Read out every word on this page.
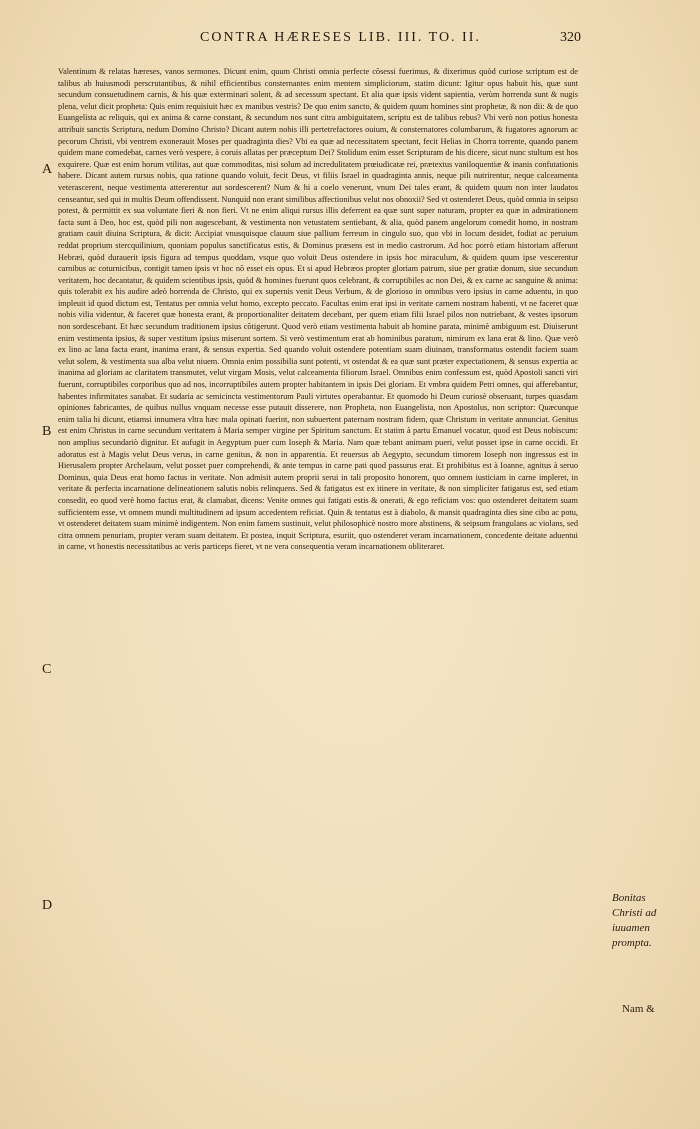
CONTRA HÆRESES LIB. III. TO. II.	320
A
B
C
D

Valentinum & relatas hæreses, vanos sermones. Dicunt enim, quum Christi omnia perfecte cõsessi fuerimus, & dixerimus quòd curiose scriptum est de talibus ab huiusmodi perscrutantibus, & nihil efficientibus consternantes enim mentem simpliciorum, statim dicunt: Igitur opus habuit his, quæ sunt secundum consuetudinem carnis, & his quæ exterminari solent, & ad secessum spectant. Et alia quæ ipsis vident sapientia, verùm horrenda sunt & nugis plena, velut dicit propheta: Quis enim requisiuit hæc ex manibus vestris? De quo enim sancto, & quidem quum homines sint prophetæ, & non dii: & de quo Euangelista ac reliquis, qui ex anima & carne constant, & secundum nos sunt citra ambiguitatem, scriptu est de talibus rebus? Vbi verò non potius honesta attribuit sanctis Scriptura, nedum Domino Christo? Dicant autem nobis illi pertetrefactores ouium, & consternatores columbarum, & fugatores agnorum ac pecorum Christi, vbi ventrem exonerauit Moses per quadraginta dies? Vbi ea quæ ad necessitatem spectant, fecit Helias in Chorra torrente, quando panem quidem mane comedebat, carnes verò vespere, à coruis allatas per præceptum Dei? Stolidum enim esset Scripturam de his dicere, sicut nunc stultum est hos exquirere. Quæ est enim horum vtilitas, aut quæ commoditas, nisi solum ad incredulitatem prœiudicatæ rei, prætextus vaniloquentiæ & inanis confutationis habere. Dicant autem rursus nobis, qua ratione quando voluit, fecit Deus, vt filiis Israel in quadraginta annis, neque pili nutrirentur, neque calceamenta veterascerent, neque vestimenta attererentur aut sordescerent? Num & hi a coelo venerunt, vnum Dei tales erant, & quidem quum non inter laudatos censeantur, sed qui in multis Deum offendissent. Nunquid non erant similibus affectionibus velut nos obnoxii? Sed vt ostenderet Deus, quòd omnia in seipso potest, & permittit ex sua voluntate fieri & non fieri. Vt ne enim aliqui rursus illis deferrent ea quæ sunt super naturam, propter ea quæ in admirationem facta sunt à Deo, hoc est, quòd pili non augescebant, & vestimenta non vetustatem sentiebant, & alia, quòd panem angelorum comedit homo, in nostram gratiam cauit diuina Scriptura, & dicit: Accipiat vnusquisque clauum siue pallium ferreum in cingulo suo, quo vbi in locum desidet, fodiat ac peruium reddat proprium stercquilinium, quoniam populus sanctificatus estis, & Dominus præsens est in medio castrorum. Ad hoc porrò etiam historiam afferunt Hebræi, quòd durauerit ipsis figura ad tempus quoddam, vsque quo voluit Deus ostendere in ipsis hoc miraculum, & quidem quum ipse vescerentur carnibus ac coturnicibus, contigit tamen ipsis vt hoc nõ esset eis opus. Et si apud Hebræos propter gloriam patrum, siue per gratiæ donum, siue secundum veritatem, hoc decantatur, & quidem scientibus ipsis, quòd & homines fuerunt quos celebrant, & corruptibiles ac non Dei, & ex carne ac sanguine & anima: quis tolerabit ex his audire adeò horrenda de Christo, qui ex supernis venit Deus Verbum, & de glorioso in omnibus vero ipsius in carne aduentu, in quo impleuit id quod dictum est, Tentatus per omnia velut homo, excepto peccato. Facultas enim erat ipsi in veritate carnem nostram habenti, vt ne faceret quæ nobis vilia videntur, & faceret quæ honesta erant, & proportionaliter deitatem decebant, per quem etiam filii Israel pilos non nutriebant, & vestes ipsorum non sordescebant. Et hæc secundum traditionem ipsius cõtigerunt. Quod verò etiam vestimenta habuit ab homine parata, minimè ambiguum est. Diuiserunt enim vestimenta ipsius, & super vestitum ipsius miserunt sortem. Si verò vestimentum erat ab hominibus paratum, nimirum ex lana erat & lino. Quæ verò ex lino ac lana facta erant, inanima erant, & sensus expertia. Sed quando voluit ostendere potentiam suam diuinam, transformatus ostendit faciem suam velut solem, & vestimenta sua alba velut niuem. Omnia enim possibilia sunt potenti, vt ostendat & ea quæ sunt præter expectationem, & sensus expertia ac inanima ad gloriam ac claritatem transmutet, velut virgam Mosis, velut calceamenta filiorum Israel. Omnibus enim confessum est, quòd Apostoli sancti viri fuerunt, corruptibiles corporibus quo ad nos, incorruptibiles autem propter habitantem in ipsis Dei gloriam. Et vmbra quidem Petri omnes, qui afferebantur, habentes infirmitates sanabat. Et sudaria ac semicincta vestimentorum Pauli virtutes operabantur. Et quomodo hi Deum curiosè obseruant, turpes quasdam opiniones fabricantes, de quibus nullus vnquam necesse esse putauit disserere, non Propheta, non Euangelista, non Apostolus, non scriptor: Quæcunque enim talia hi dicunt, etiamsi innumera vltra hæc mala opinati fuerint, non subuertent paternam nostram fidem, quæ Christum in veritate annunciat. Genitus est enim Christus in carne secundum veritatem à Maria semper virgine per Spiritum sanctum. Et statim à partu Emanuel vocatur, quod est Deus nobiscum: non amplius secundariò dignitur. Et aufugit in Aegyptum puer cum Ioseph & Maria. Nam quæ tebant animam pueri, velut posset ipse in carne occidi. Et adoratus est à Magis velut Deus verus, in carne genitus, & non in apparentia. Et reuersus ab Aegypto, secundum timorem Ioseph non ingressus est in Hierusalem propter Archelaum, velut posset puer comprehendi, & ante tempus in carne pati quod passurus erat. Et prohibitus est à Ioanne, agnitus à seruo Dominus, quia Deus erat homo factus in veritate. Non admisit autem proprii serui in tali proposito honorem, quo omnem iusticiam in carne impleret, in veritate & perfecta incarnatione delineationem salutis nobis relinquens. Sed & fatigatus est ex itinere in veritate, & non simpliciter fatigatus est, sed etiam consedit, eo quod verè homo factus erat, & clamabat, dicens: Venite omnes qui fatigati estis & onerati, & ego reficiam vos: quo ostenderet deitatem suam sufficientem esse, vt omnem mundi multitudinem ad ipsum accedentem reficiat. Quin & tentatus est à diabolo, & mansit quadraginta dies sine cibo ac potu, vt ostenderet deitatem suam minimè indigentem. Non enim famem sustinuit, velut philosophicè nostro more abstinens, & seipsum frangulans ac violans, sed citra omnem penuriam, propter veram suam deitatem. Et postea, inquit Scriptura, esuriit, quo ostenderet veram incarnationem, concedente deitate aduentui in carne, vt honestis necessitatibus ac veris particeps fieret, vt ne vera consequentia veram incarnationem obliteraret.

Bonitas
Christi ad
iuuamen
prompta.
Nam &
